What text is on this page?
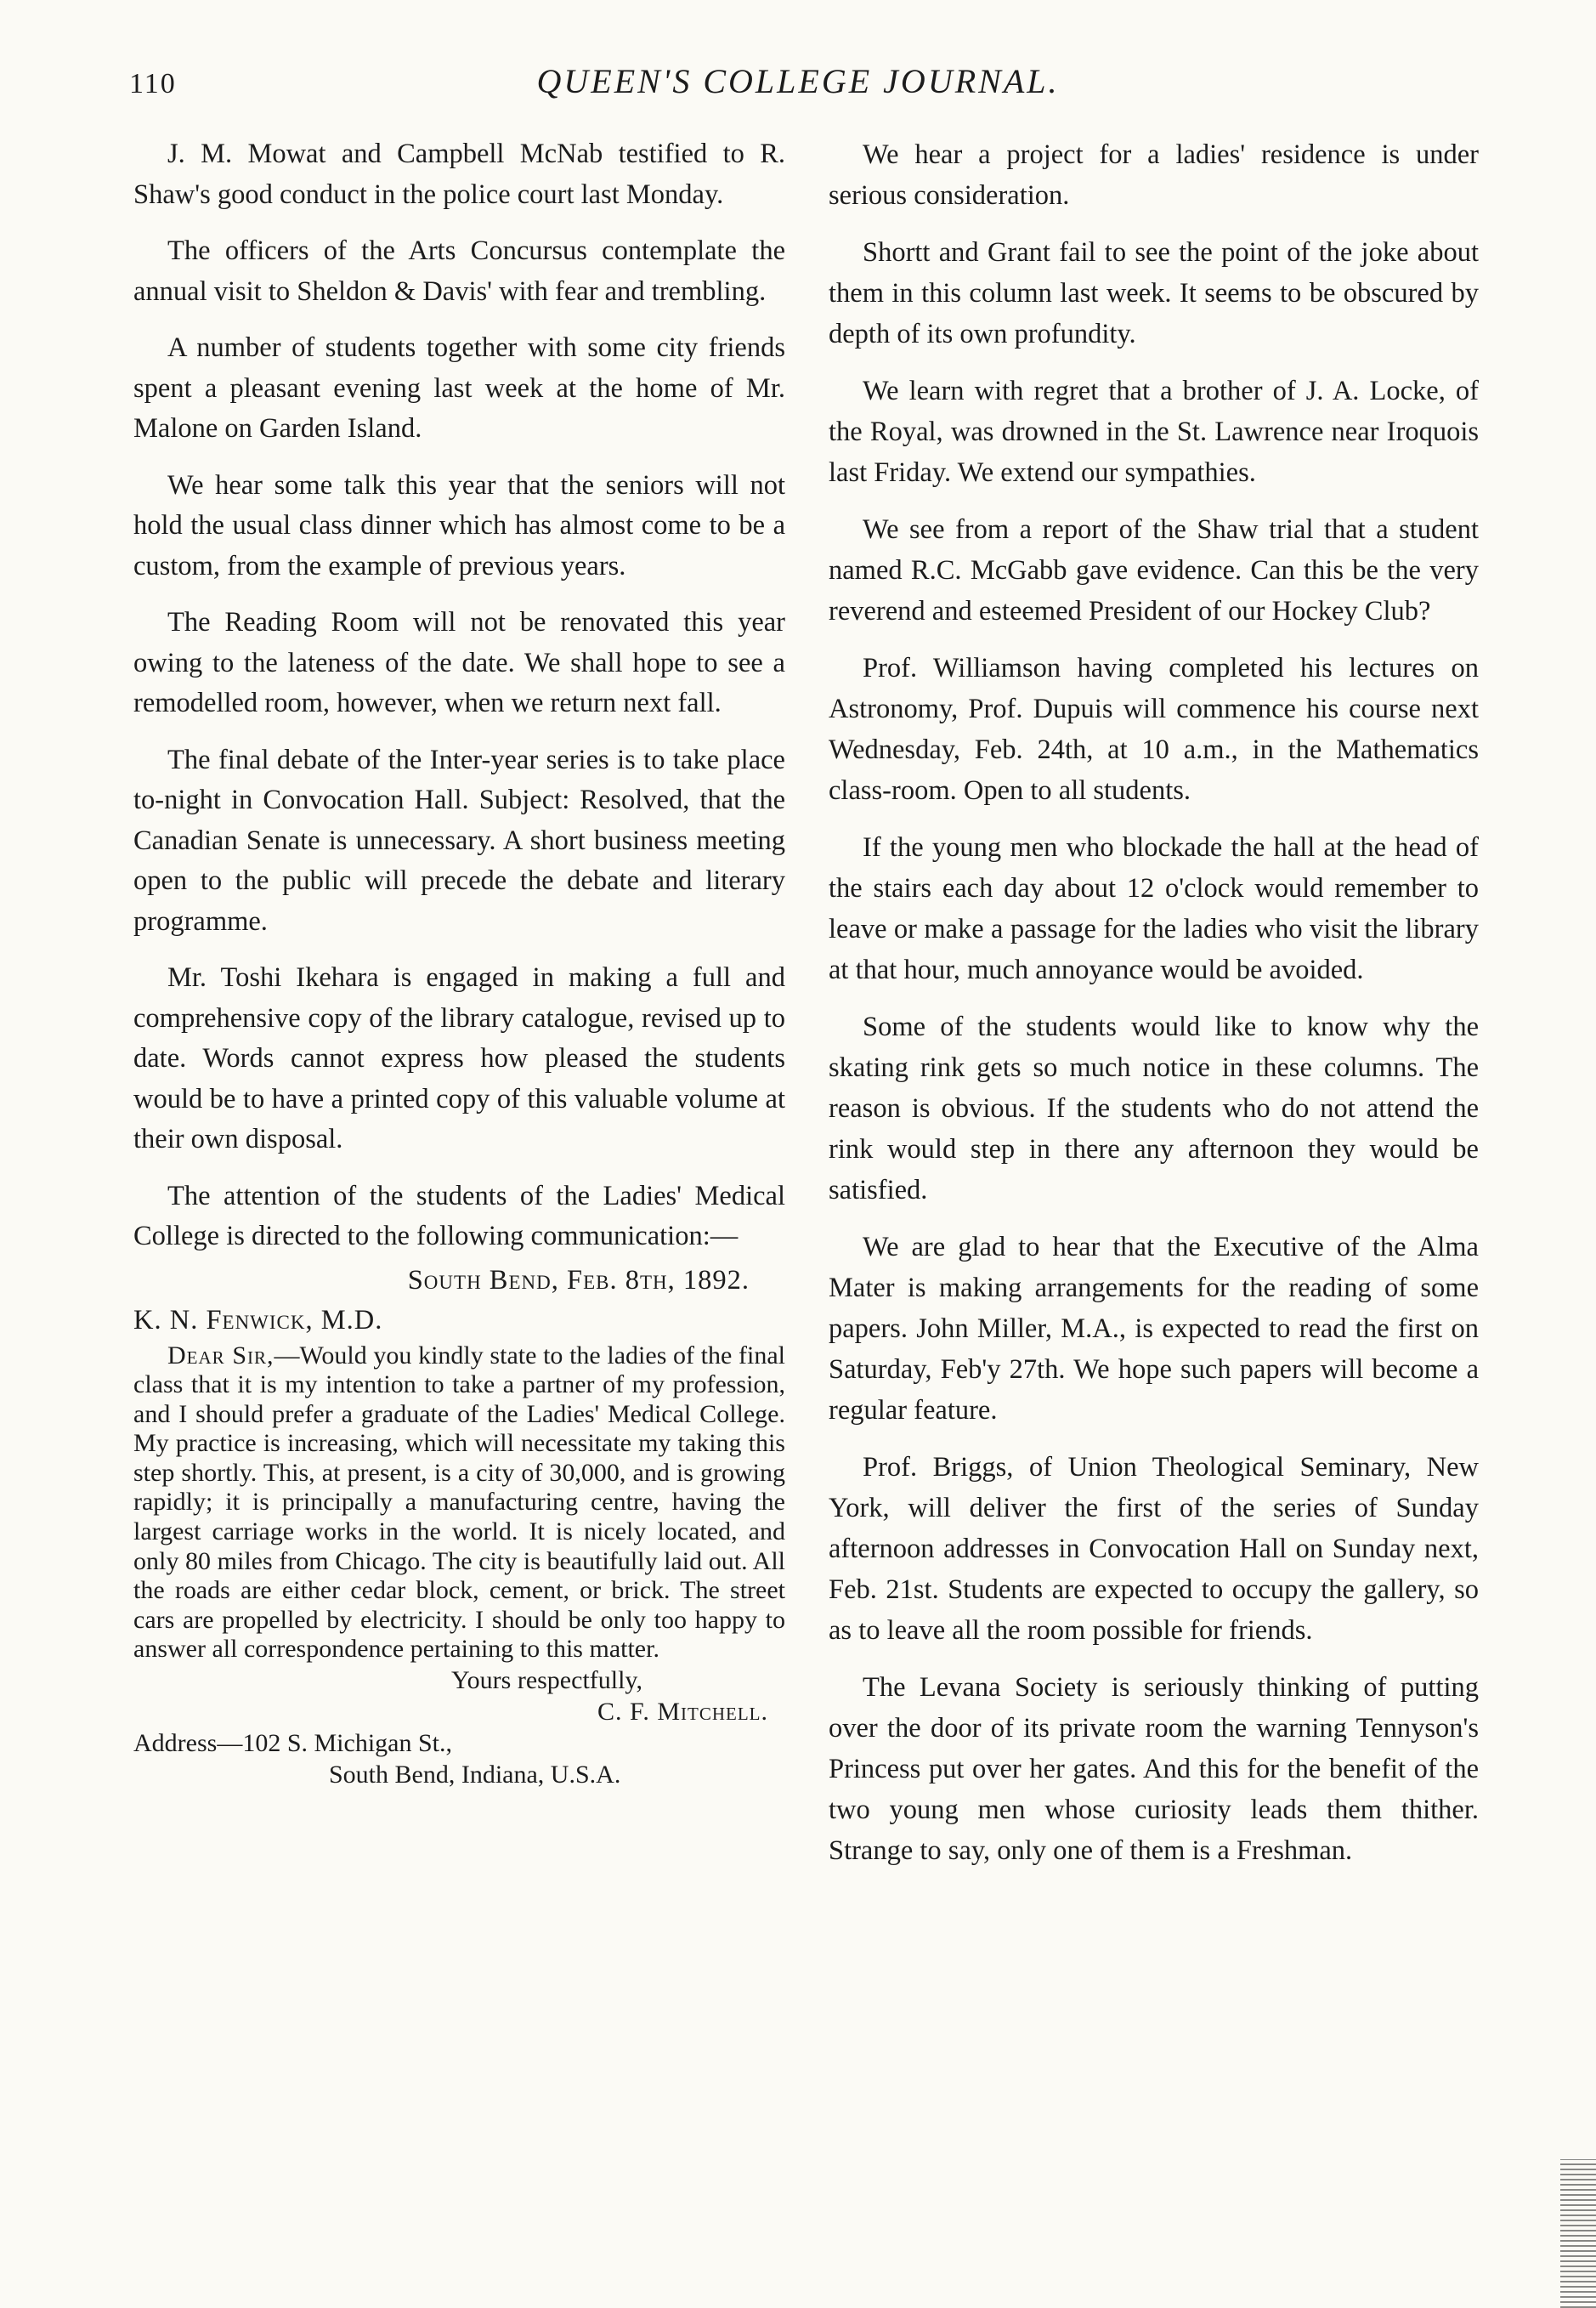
110	QUEEN'S COLLEGE JOURNAL.

J. M. Mowat and Campbell McNab testified to R. Shaw's good conduct in the police court last Monday.

The officers of the Arts Concursus contemplate the annual visit to Sheldon & Davis' with fear and trembling.

A number of students together with some city friends spent a pleasant evening last week at the home of Mr. Malone on Garden Island.

We hear some talk this year that the seniors will not hold the usual class dinner which has almost come to be a custom, from the example of previous years.

The Reading Room will not be renovated this year owing to the lateness of the date. We shall hope to see a remodelled room, however, when we return next fall.

The final debate of the Inter-year series is to take place to-night in Convocation Hall. Subject: Resolved, that the Canadian Senate is unnecessary. A short business meeting open to the public will precede the debate and literary programme.

Mr. Toshi Ikehara is engaged in making a full and comprehensive copy of the library catalogue, revised up to date. Words cannot express how pleased the students would be to have a printed copy of this valuable volume at their own disposal.

The attention of the students of the Ladies' Medical College is directed to the following communication:—

South Bend, Feb. 8th, 1892.

K. N. Fenwick, M.D.

Dear Sir,—Would you kindly state to the ladies of the final class that it is my intention to take a partner of my profession, and I should prefer a graduate of the Ladies' Medical College. My practice is increasing, which will necessitate my taking this step shortly. This, at present, is a city of 30,000, and is growing rapidly; it is principally a manufacturing centre, having the largest carriage works in the world. It is nicely located, and only 80 miles from Chicago. The city is beautifully laid out. All the roads are either cedar block, cement, or brick. The street cars are propelled by electricity. I should be only too happy to answer all correspondence pertaining to this matter.

Yours respectfully,

C. F. Mitchell.

Address—102 S. Michigan St.,

South Bend, Indiana, U.S.A.

We hear a project for a ladies' residence is under serious consideration.

Shortt and Grant fail to see the point of the joke about them in this column last week. It seems to be obscured by depth of its own profundity.

We learn with regret that a brother of J. A. Locke, of the Royal, was drowned in the St. Lawrence near Iroquois last Friday. We extend our sympathies.

We see from a report of the Shaw trial that a student named R.C. McGabb gave evidence. Can this be the very reverend and esteemed President of our Hockey Club?

Prof. Williamson having completed his lectures on Astronomy, Prof. Dupuis will commence his course next Wednesday, Feb. 24th, at 10 a.m., in the Mathematics class-room. Open to all students.

If the young men who blockade the hall at the head of the stairs each day about 12 o'clock would remember to leave or make a passage for the ladies who visit the library at that hour, much annoyance would be avoided.

Some of the students would like to know why the skating rink gets so much notice in these columns. The reason is obvious. If the students who do not attend the rink would step in there any afternoon they would be satisfied.

We are glad to hear that the Executive of the Alma Mater is making arrangements for the reading of some papers. John Miller, M.A., is expected to read the first on Saturday, Feb'y 27th. We hope such papers will become a regular feature.

Prof. Briggs, of Union Theological Seminary, New York, will deliver the first of the series of Sunday afternoon addresses in Convocation Hall on Sunday next, Feb. 21st. Students are expected to occupy the gallery, so as to leave all the room possible for friends.

The Levana Society is seriously thinking of putting over the door of its private room the warning Tennyson's Princess put over her gates. And this for the benefit of the two young men whose curiosity leads them thither. Strange to say, only one of them is a Freshman.
